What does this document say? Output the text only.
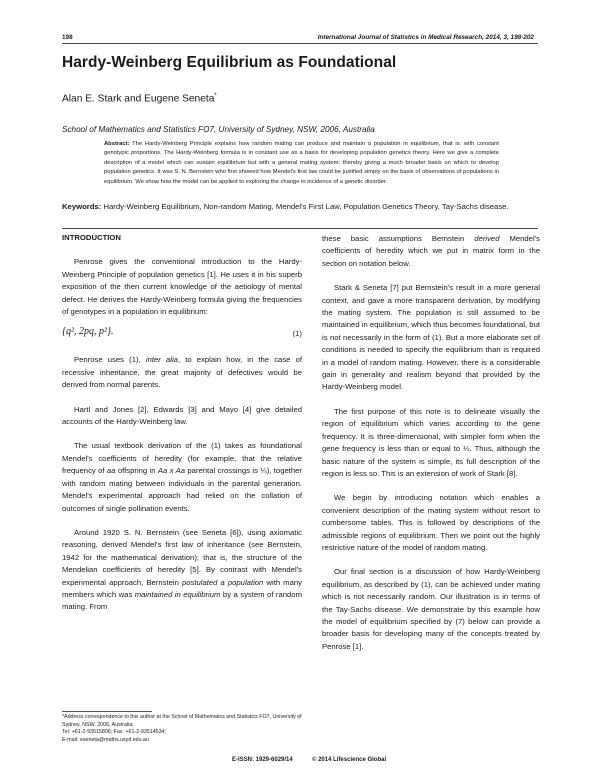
198	International Journal of Statistics in Medical Research, 2014, 3, 198-202
Hardy-Weinberg Equilibrium as Foundational
Alan E. Stark and Eugene Seneta*
School of Mathematics and Statistics FO7, University of Sydney, NSW, 2006, Australia
Abstract: The Hardy-Weinberg Principle explains how random mating can produce and maintain a population in equilibrium, that is: with constant genotypic proportions. The Hardy-Weinberg formula is in constant use as a basis for developing population genetics theory. Here we give a complete description of a model which can sustain equilibrium but with a general mating system, thereby giving a much broader basis on which to develop population genetics. It was S. N. Bernstein who first showed how Mendel's first law could be justified simply on the basis of observations of populations in equilibrium. We show how the model can be applied to exploring the change in incidence of a genetic disorder.
Keywords: Hardy-Weinberg Equilibrium, Non-random Mating, Mendel's First Law, Population Genetics Theory, Tay-Sachs disease.

INTRODUCTION

Penrose gives the conventional introduction to the Hardy-Weinberg Principle of population genetics [1]. He uses it in his superb exposition of the then current knowledge of the aetiology of mental defect. He derives the Hardy-Weinberg formula giving the frequencies of genotypes in a population in equilibrium:

{q², 2pq, p²}.	(1)

Penrose uses (1), inter alia, to explain how, in the case of recessive inheritance, the great majority of defectives would be derived from normal parents.

Hartl and Jones [2], Edwards [3] and Mayo [4] give detailed accounts of the Hardy-Weinberg law.

The usual textbook derivation of the (1) takes as foundational Mendel's coefficients of heredity (for example, that the relative frequency of aa offspring in Aa x Aa parental crossings is ¼), together with random mating between individuals in the parental generation. Mendel's experimental approach had relied on the collation of outcomes of single pollination events.

Around 1920 S. N. Bernstein (see Seneta [6]), using axiomatic reasoning, derived Mendel's first law of inheritance (see Bernstein, 1942 for the mathematical derivation); that is, the structure of the Mendelian coefficients of heredity [5]. By contrast with Mendel's experimental approach, Bernstein postulated a population with many members which was maintained in equilibrium by a system of random mating. From

these basic assumptions Bernstein derived Mendel's coefficients of heredity which we put in matrix form in the section on notation below.

Stark & Seneta [7] put Bernstein's result in a more general context, and gave a more transparent derivation, by modifying the mating system. The population is still assumed to be maintained in equilibrium, which thus becomes foundational, but is not necessarily in the form of (1). But a more elaborate set of conditions is needed to specify the equilibrium than is required in a model of random mating. However, there is a considerable gain in generality and realism beyond that provided by the Hardy-Weinberg model.

The first purpose of this note is to delineate visually the region of equilibrium which varies according to the gene frequency. It is three-dimensional, with simpler form when the gene frequency is less than or equal to ¼. Thus, although the basic nature of the system is simple, its full description of the region is less so. This is an extension of work of Stark [8].

We begin by introducing notation which enables a convenient description of the mating system without resort to cumbersome tables. This is followed by descriptions of the admissible regions of equilibrium. Then we point out the highly restrictive nature of the model of random mating.

Our final section is a discussion of how Hardy-Weinberg equilibrium, as described by (1), can be achieved under mating which is not necessarily random. Our illustration is in terms of the Tay-Sachs disease. We demonstrate by this example how the model of equilibrium specified by (7) below can provide a broader basis for developing many of the concepts treated by Penrose [1].

*Address correspondence to this author at the School of Mathematics and Statistics FO7, University of Sydney, NSW, 2006, Australia;
Tel: +61-2-93515806; Fax: +61-2-93514534;
E-mail: eseneta@maths.usyd.edu.au
E-ISSN: 1929-6029/14	© 2014 Lifescience Global
